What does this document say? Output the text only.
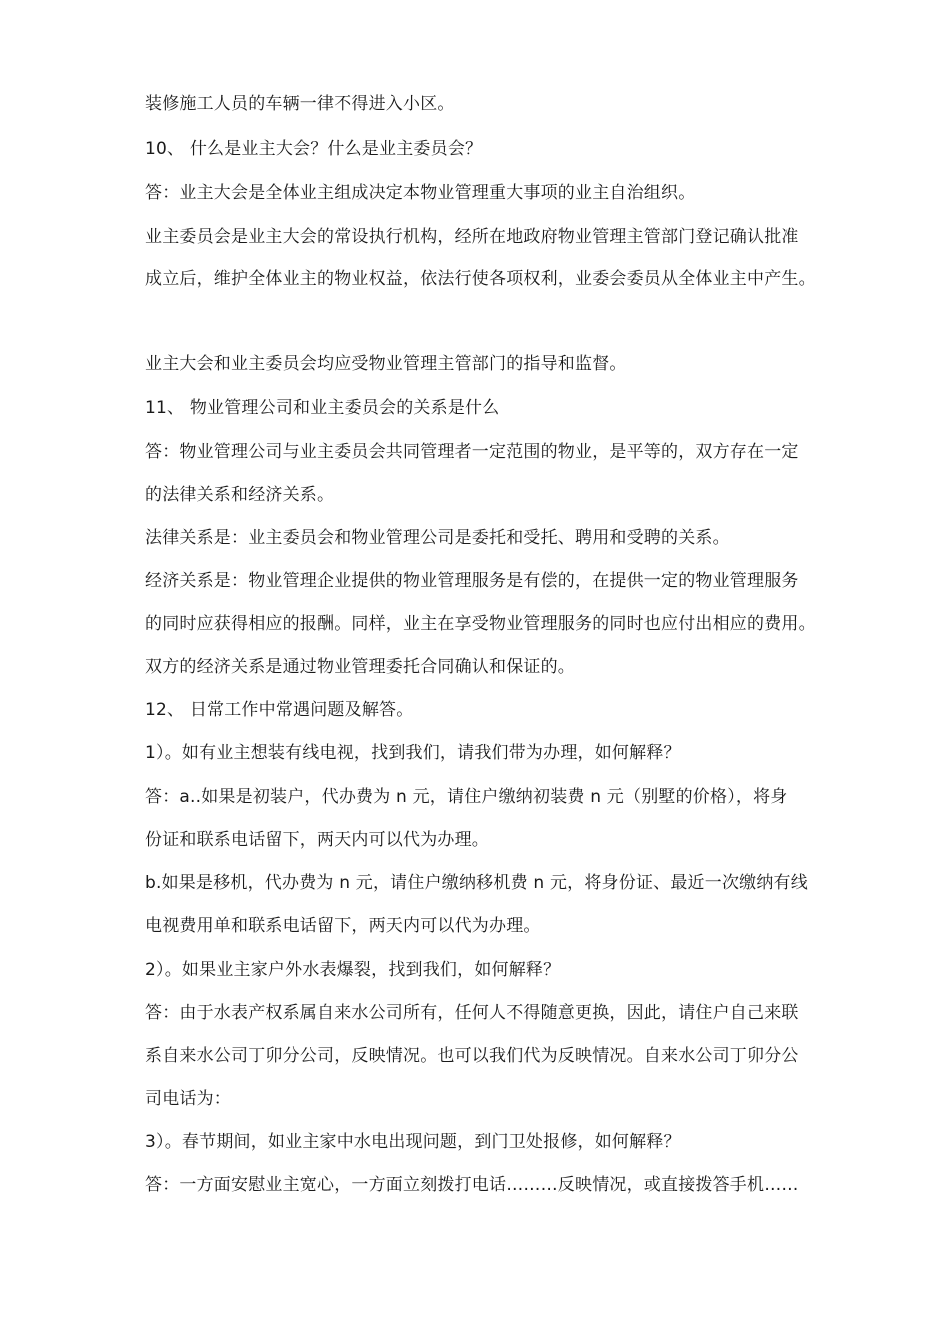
装修施工人员的车辆一律不得进入小区。
10、 什么是业主大会？什么是业主委员会？
答：业主大会是全体业主组成决定本物业管理重大事项的业主自治组织。
业主委员会是业主大会的常设执行机构，经所在地政府物业管理主管部门登记确认批准
成立后，维护全体业主的物业权益，依法行使各项权利，业委会委员从全体业主中产生。
业主大会和业主委员会均应受物业管理主管部门的指导和监督。
11、 物业管理公司和业主委员会的关系是什么
答：物业管理公司与业主委员会共同管理者一定范围的物业，是平等的，双方存在一定
的法律关系和经济关系。
法律关系是：业主委员会和物业管理公司是委托和受托、聘用和受聘的关系。
经济关系是：物业管理企业提供的物业管理服务是有偿的，在提供一定的物业管理服务
的同时应获得相应的报酬。同样，业主在享受物业管理服务的同时也应付出相应的费用。
双方的经济关系是通过物业管理委托合同确认和保证的。
12、 日常工作中常遇问题及解答。
1）。如有业主想装有线电视，找到我们，请我们带为办理，如何解释？
答：a..如果是初装户，代办费为 n 元，请住户缴纳初装费 n 元（别墅的价格），将身
份证和联系电话留下，两天内可以代为办理。
b.如果是移机，代办费为 n 元，请住户缴纳移机费 n 元，将身份证、最近一次缴纳有线
电视费用单和联系电话留下，两天内可以代为办理。
2）。如果业主家户外水表爆裂，找到我们，如何解释？
答：由于水表产权系属自来水公司所有，任何人不得随意更换，因此，请住户自己来联
系自来水公司丁卯分公司，反映情况。也可以我们代为反映情况。自来水公司丁卯分公
司电话为：
3）。春节期间，如业主家中水电出现问题，到门卫处报修，如何解释？
答：一方面安慰业主宽心，一方面立刻拨打电话………反映情况，或直接拨答手机……
